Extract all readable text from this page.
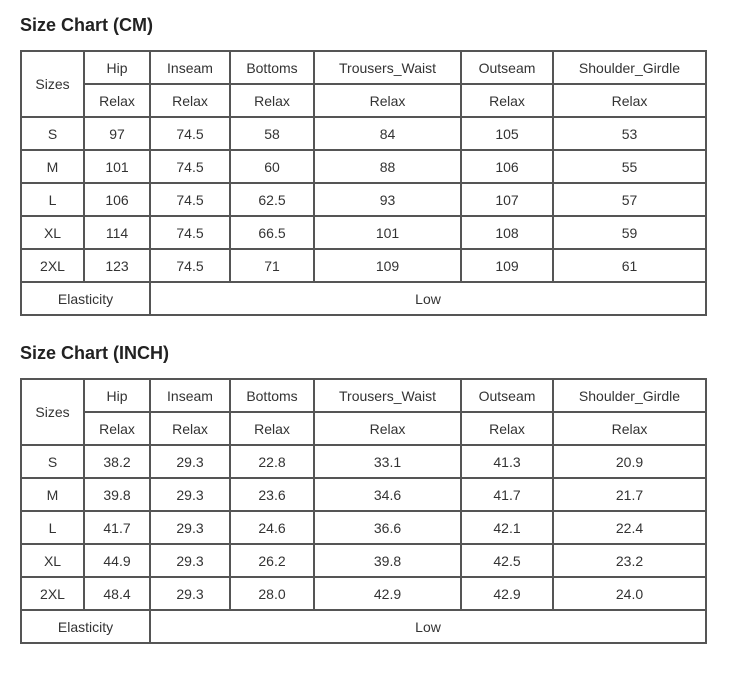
Size Chart (CM)
Sizes	Hip	Inseam	Bottoms	Trousers_Waist	Outseam	Shoulder_Girdle
	Relax	Relax	Relax	Relax	Relax	Relax
S	97	74.5	58	84	105	53
M	101	74.5	60	88	106	55
L	106	74.5	62.5	93	107	57
XL	114	74.5	66.5	101	108	59
2XL	123	74.5	71	109	109	61
Elasticity		Low				
Size Chart (INCH)
Sizes	Hip	Inseam	Bottoms	Trousers_Waist	Outseam	Shoulder_Girdle
	Relax	Relax	Relax	Relax	Relax	Relax
S	38.2	29.3	22.8	33.1	41.3	20.9
M	39.8	29.3	23.6	34.6	41.7	21.7
L	41.7	29.3	24.6	36.6	42.1	22.4
XL	44.9	29.3	26.2	39.8	42.5	23.2
2XL	48.4	29.3	28.0	42.9	42.9	24.0
Elasticity		Low				
